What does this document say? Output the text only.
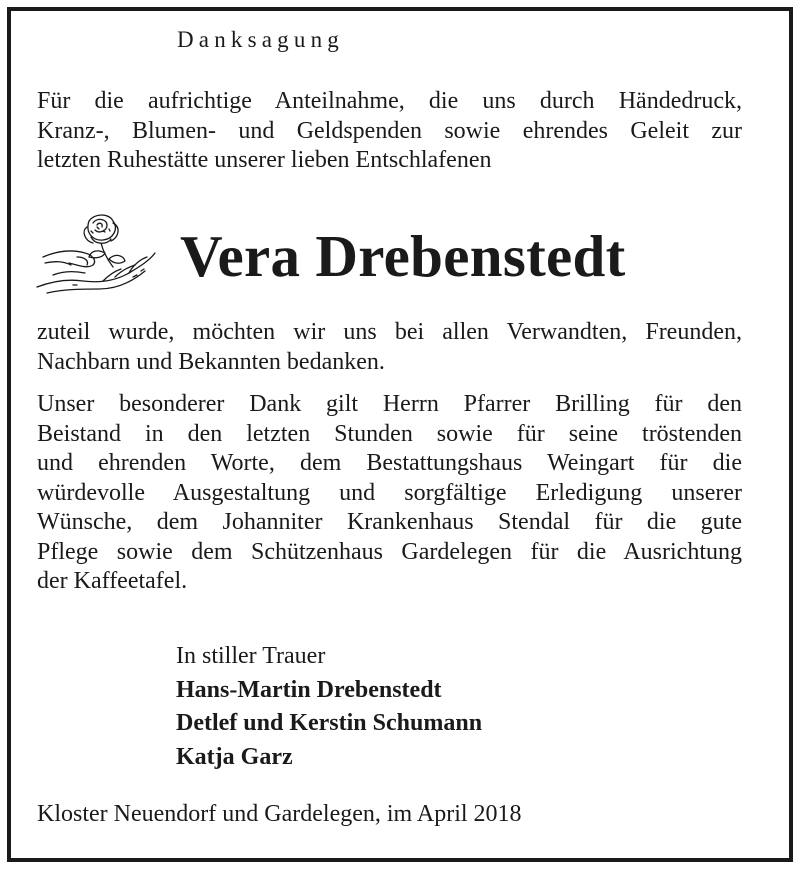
Danksagung
Für die aufrichtige Anteilnahme, die uns durch Händedruck,
Kranz-, Blumen- und Geldspenden sowie ehrendes Geleit zur
letzten Ruhestätte unserer lieben Entschlafenen
Vera Drebenstedt
zuteil wurde, möchten wir uns bei allen Verwandten, Freunden,
Nachbarn und Bekannten bedanken.
Unser besonderer Dank gilt Herrn Pfarrer Brilling für den
Beistand in den letzten Stunden sowie für seine tröstenden
und ehrenden Worte, dem Bestattungshaus Weingart für die
würdevolle Ausgestaltung und sorgfältige Erledigung unserer
Wünsche, dem Johanniter Krankenhaus Stendal für die gute
Pflege sowie dem Schützenhaus Gardelegen für die Ausrichtung
der Kaffeetafel.
In stiller Trauer
Hans-Martin Drebenstedt
Detlef und Kerstin Schumann
Katja Garz
Kloster Neuendorf und Gardelegen, im April 2018
